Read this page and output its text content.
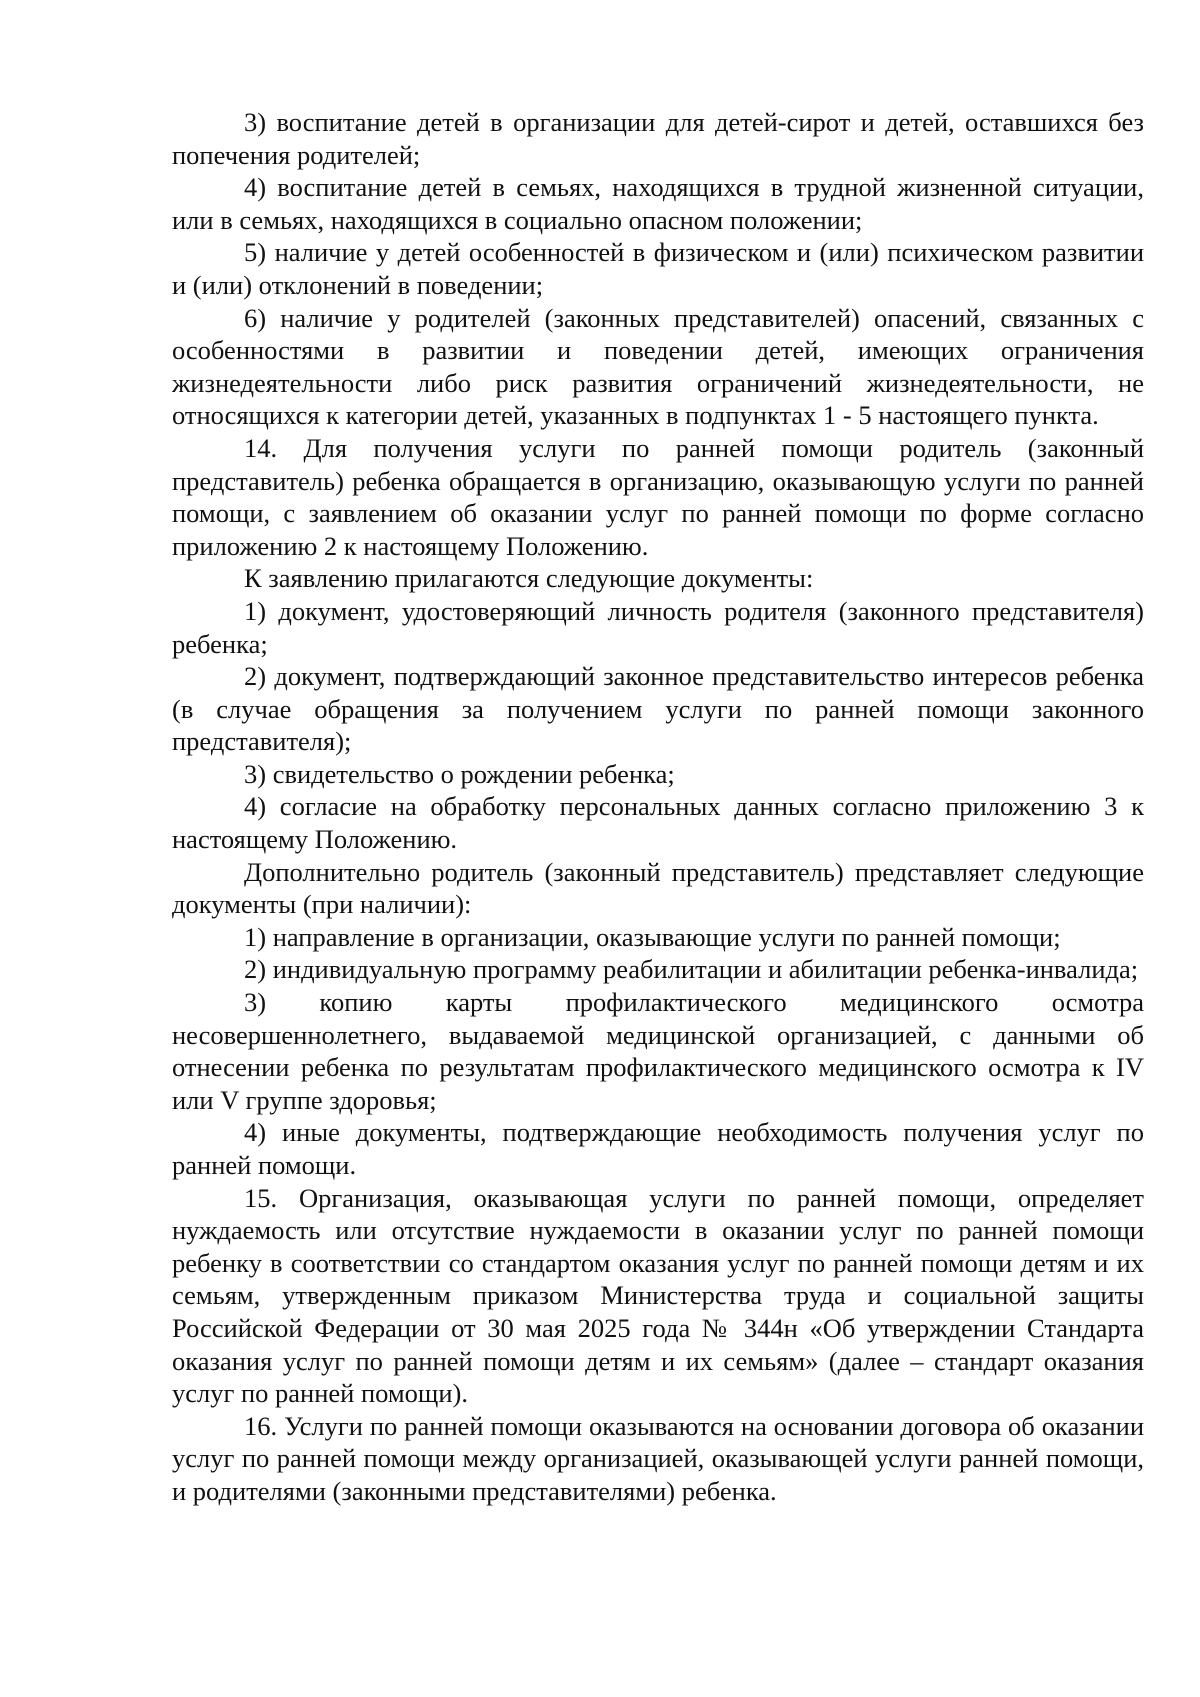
3) воспитание детей в организации для детей-сирот и детей, оставшихся без попечения родителей;

4) воспитание детей в семьях, находящихся в трудной жизненной ситуации, или в семьях, находящихся в социально опасном положении;

5) наличие у детей особенностей в физическом и (или) психическом развитии и (или) отклонений в поведении;

6) наличие у родителей (законных представителей) опасений, связанных с особенностями в развитии и поведении детей, имеющих ограничения жизнедеятельности либо риск развития ограничений жизнедеятельности, не относящихся к категории детей, указанных в подпунктах 1 - 5 настоящего пункта.

14. Для получения услуги по ранней помощи родитель (законный представитель) ребенка обращается в организацию, оказывающую услуги по ранней помощи, с заявлением об оказании услуг по ранней помощи по форме согласно приложению 2 к настоящему Положению.

К заявлению прилагаются следующие документы:

1) документ, удостоверяющий личность родителя (законного представителя) ребенка;

2) документ, подтверждающий законное представительство интересов ребенка (в случае обращения за получением услуги по ранней помощи законного представителя);

3) свидетельство о рождении ребенка;

4) согласие на обработку персональных данных согласно приложению 3 к настоящему Положению.

Дополнительно родитель (законный представитель) представляет следующие документы (при наличии):

1) направление в организации, оказывающие услуги по ранней помощи;

2) индивидуальную программу реабилитации и абилитации ребенка-инвалида;

3) копию карты профилактического медицинского осмотра несовершеннолетнего, выдаваемой медицинской организацией, с данными об отнесении ребенка по результатам профилактического медицинского осмотра к IV или V группе здоровья;

4) иные документы, подтверждающие необходимость получения услуг по ранней помощи.

15. Организация, оказывающая услуги по ранней помощи, определяет нуждаемость или отсутствие нуждаемости в оказании услуг по ранней помощи ребенку в соответствии со стандартом оказания услуг по ранней помощи детям и их семьям, утвержденным приказом Министерства труда и социальной защиты Российской Федерации от 30 мая 2025 года № 344н «Об утверждении Стандарта оказания услуг по ранней помощи детям и их семьям» (далее – стандарт оказания услуг по ранней помощи).

16. Услуги по ранней помощи оказываются на основании договора об оказании услуг по ранней помощи между организацией, оказывающей услуги ранней помощи, и родителями (законными представителями) ребенка.
